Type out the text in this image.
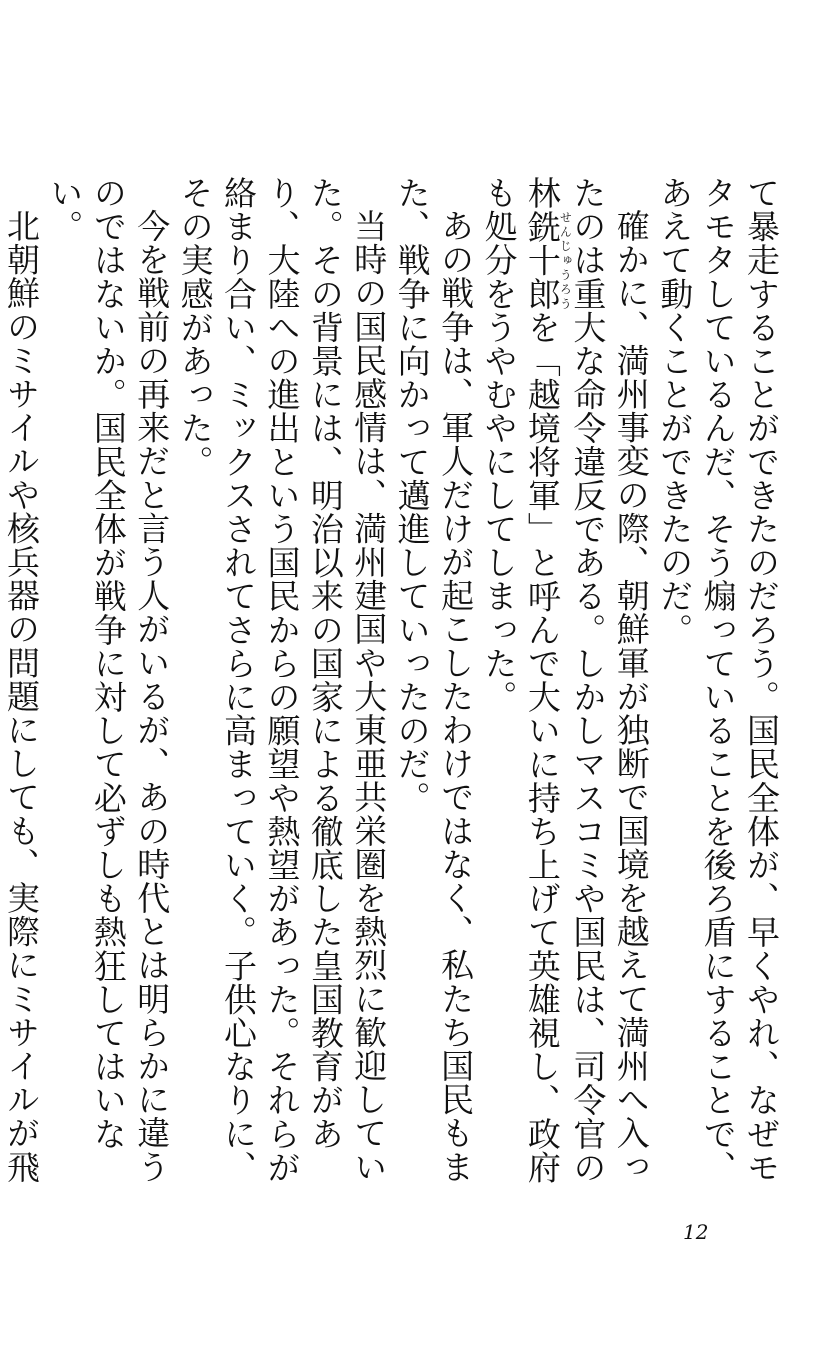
て暴走することができたのだろう。国民全体が、早くやれ、なぜモタモタしているんだ、そう煽っていることを後ろ盾にすることで、あえて動くことができたのだ。

確かに、満州事変の際、朝鮮軍が独断で国境を越えて満州へ入ったのは重大な命令違反である。しかしマスコミや国民は、司令官の林銑十郎せんじゅうろうを「越境将軍」と呼んで大いに持ち上げて英雄視し、政府も処分をうやむやにしてしまった。

あの戦争は、軍人だけが起こしたわけではなく、私たち国民もまた、戦争に向かって邁進していったのだ。

当時の国民感情は、満州建国や大東亜共栄圏を熱烈に歓迎していた。その背景には、明治以来の国家による徹底した皇国教育があり、大陸への進出という国民からの願望や熱望があった。それらが絡まり合い、ミックスされてさらに高まっていく。子供心なりに、その実感があった。

今を戦前の再来だと言う人がいるが、あの時代とは明らかに違うのではないか。国民全体が戦争に対して必ずしも熱狂してはいない。

北朝鮮のミサイルや核兵器の問題にしても、実際にミサイルが飛

12
